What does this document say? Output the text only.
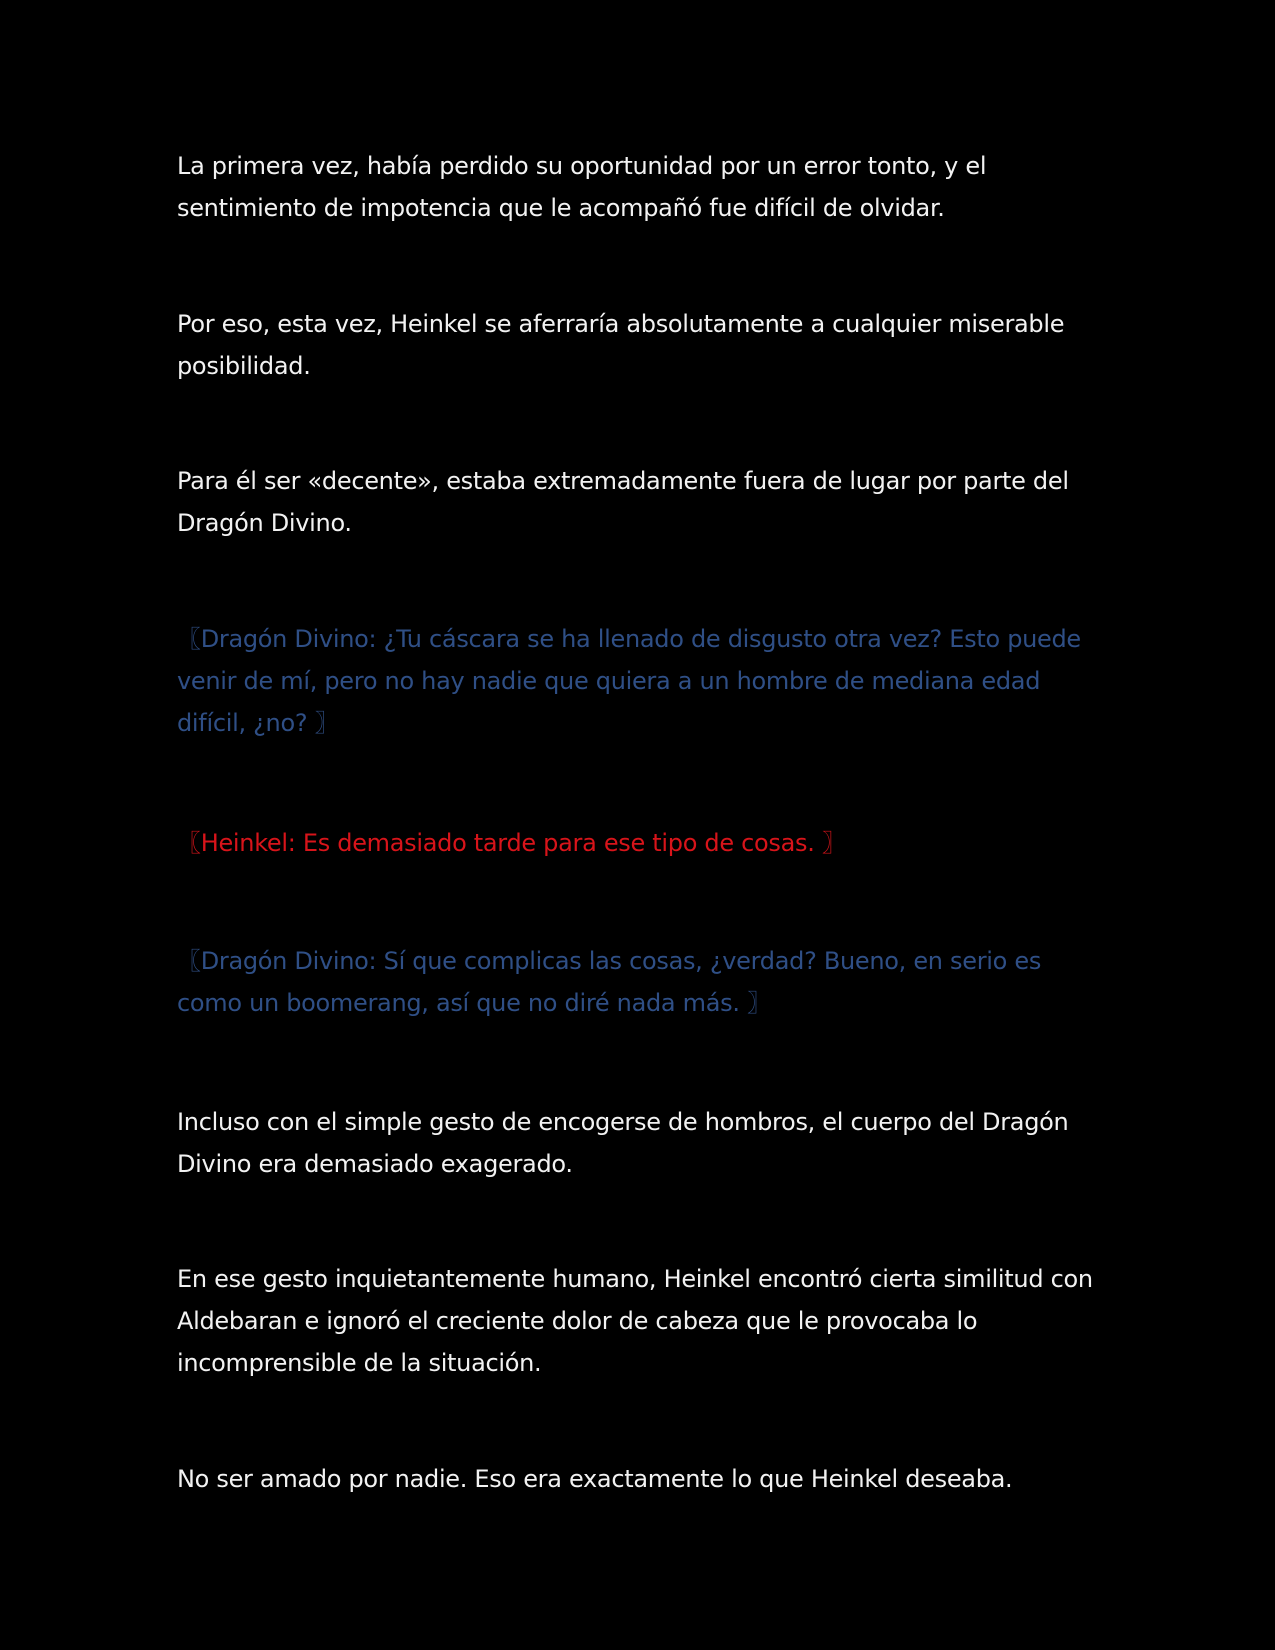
La primera vez, había perdido su oportunidad por un error tonto, y el sentimiento de impotencia que le acompañó fue difícil de olvidar.

Por eso, esta vez, Heinkel se aferraría absolutamente a cualquier miserable posibilidad.

Para él ser «decente», estaba extremadamente fuera de lugar por parte del Dragón Divino.

〖Dragón Divino: ¿Tu cáscara se ha llenado de disgusto otra vez? Esto puede venir de mí, pero no hay nadie que quiera a un hombre de mediana edad difícil, ¿no? 〗

〖Heinkel: Es demasiado tarde para ese tipo de cosas. 〗

〖Dragón Divino: Sí que complicas las cosas, ¿verdad? Bueno, en serio es como un boomerang, así que no diré nada más. 〗

Incluso con el simple gesto de encogerse de hombros, el cuerpo del Dragón Divino era demasiado exagerado.

En ese gesto inquietantemente humano, Heinkel encontró cierta similitud con Aldebaran e ignoró el creciente dolor de cabeza que le provocaba lo incomprensible de la situación.

No ser amado por nadie. Eso era exactamente lo que Heinkel deseaba.
